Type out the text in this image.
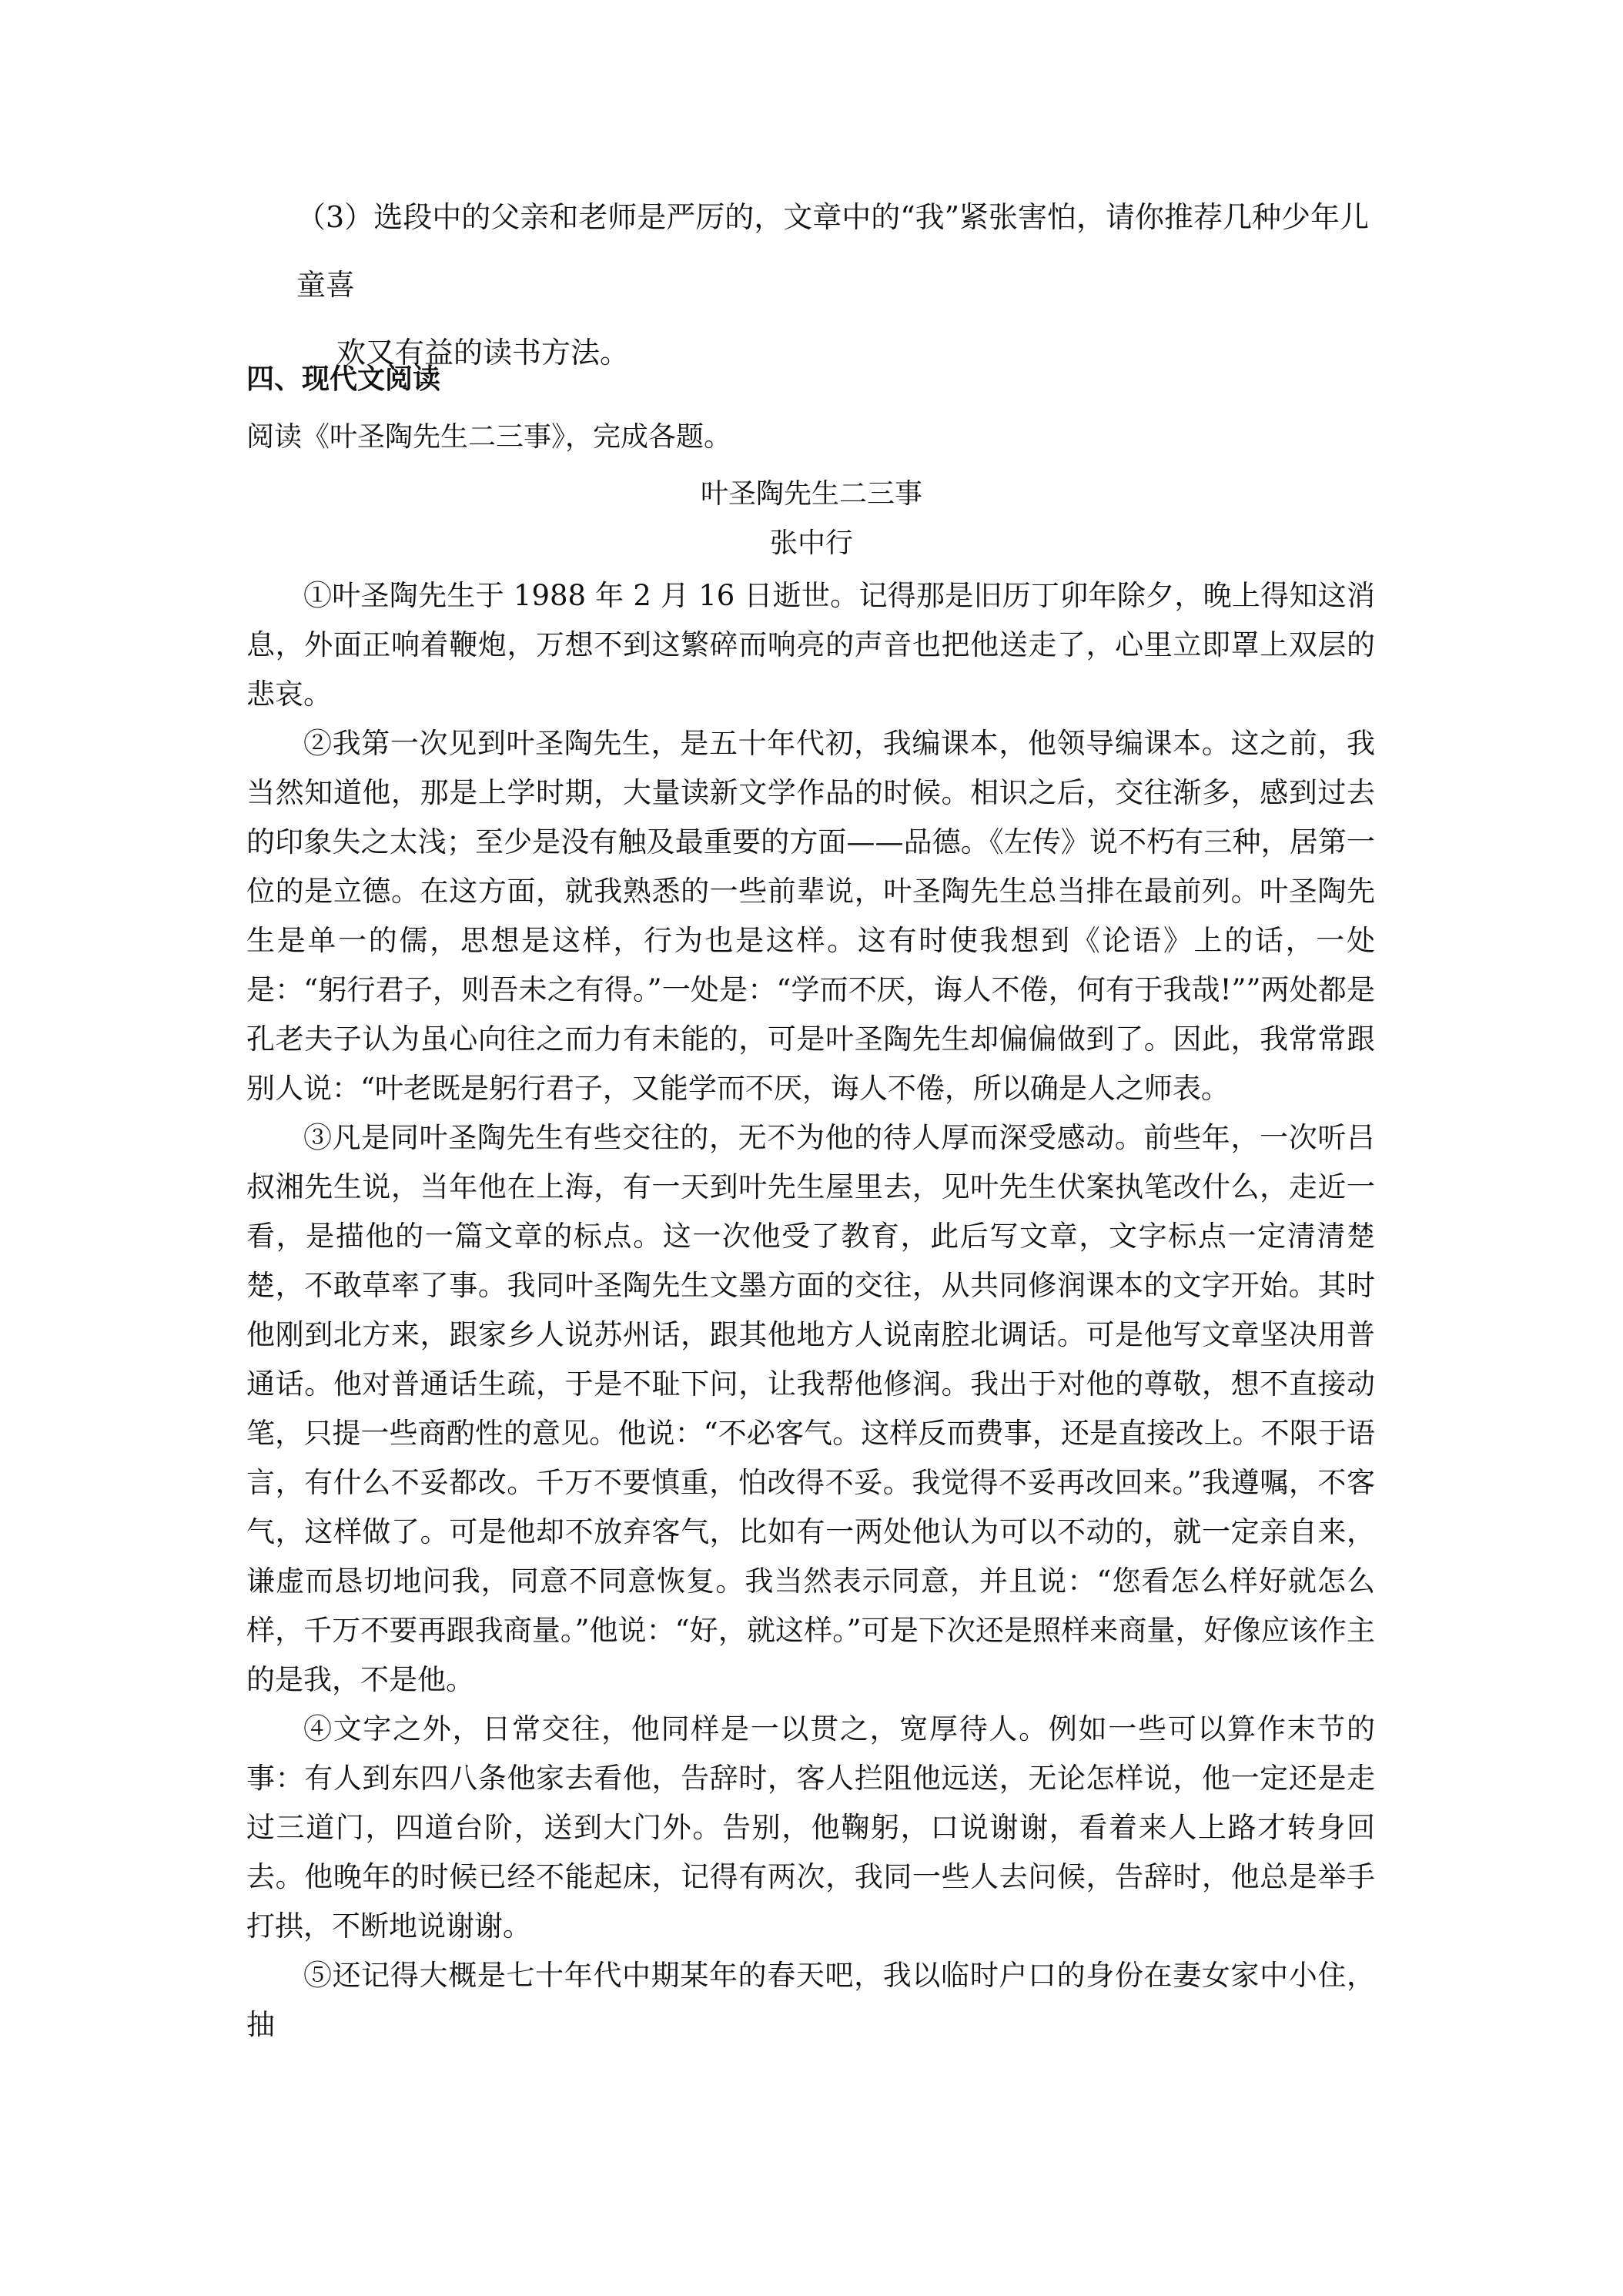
（3）选段中的父亲和老师是严厉的，文章中的“我”紧张害怕，请你推荐几种少年儿童喜
欢又有益的读书方法。
四、现代文阅读
阅读《叶圣陶先生二三事》，完成各题。
叶圣陶先生二三事
张中行

①叶圣陶先生于 1988 年 2 月 16 日逝世。记得那是旧历丁卯年除夕，晚上得知这消息，外面正响着鞭炮，万想不到这繁碎而响亮的声音也把他送走了，心里立即罩上双层的悲哀。

②我第一次见到叶圣陶先生，是五十年代初，我编课本，他领导编课本。这之前，我当然知道他，那是上学时期，大量读新文学作品的时候。相识之后，交往渐多，感到过去的印象失之太浅；至少是没有触及最重要的方面——品德。《左传》说不朽有三种，居第一位的是立德。在这方面，就我熟悉的一些前辈说，叶圣陶先生总当排在最前列。叶圣陶先生是单一的儒，思想是这样，行为也是这样。这有时使我想到《论语》上的话，一处是：“躬行君子，则吾未之有得。”一处是：“学而不厌，诲人不倦，何有于我哉!””两处都是孔老夫子认为虽心向往之而力有未能的，可是叶圣陶先生却偏偏做到了。因此，我常常跟别人说：“叶老既是躬行君子，又能学而不厌，诲人不倦，所以确是人之师表。

③凡是同叶圣陶先生有些交往的，无不为他的待人厚而深受感动。前些年，一次听吕叔湘先生说，当年他在上海，有一天到叶先生屋里去，见叶先生伏案执笔改什么，走近一看，是描他的一篇文章的标点。这一次他受了教育，此后写文章，文字标点一定清清楚楚，不敢草率了事。我同叶圣陶先生文墨方面的交往，从共同修润课本的文字开始。其时他刚到北方来，跟家乡人说苏州话，跟其他地方人说南腔北调话。可是他写文章坚决用普通话。他对普通话生疏，于是不耻下问，让我帮他修润。我出于对他的尊敬，想不直接动笔，只提一些商酌性的意见。他说：“不必客气。这样反而费事，还是直接改上。不限于语言，有什么不妥都改。千万不要慎重，怕改得不妥。我觉得不妥再改回来。”我遵嘱，不客气，这样做了。可是他却不放弃客气，比如有一两处他认为可以不动的，就一定亲自来，谦虚而恳切地问我，同意不同意恢复。我当然表示同意，并且说：“您看怎么样好就怎么样，千万不要再跟我商量。”他说：“好，就这样。”可是下次还是照样来商量，好像应该作主的是我，不是他。

④文字之外，日常交往，他同样是一以贯之，宽厚待人。例如一些可以算作末节的事：有人到东四八条他家去看他，告辞时，客人拦阻他远送，无论怎样说，他一定还是走过三道门，四道台阶，送到大门外。告别，他鞠躬，口说谢谢，看着来人上路才转身回去。他晚年的时候已经不能起床，记得有两次，我同一些人去问候，告辞时，他总是举手打拱，不断地说谢谢。

⑤还记得大概是七十年代中期某年的春天吧，我以临时户口的身份在妻女家中小住，抽
